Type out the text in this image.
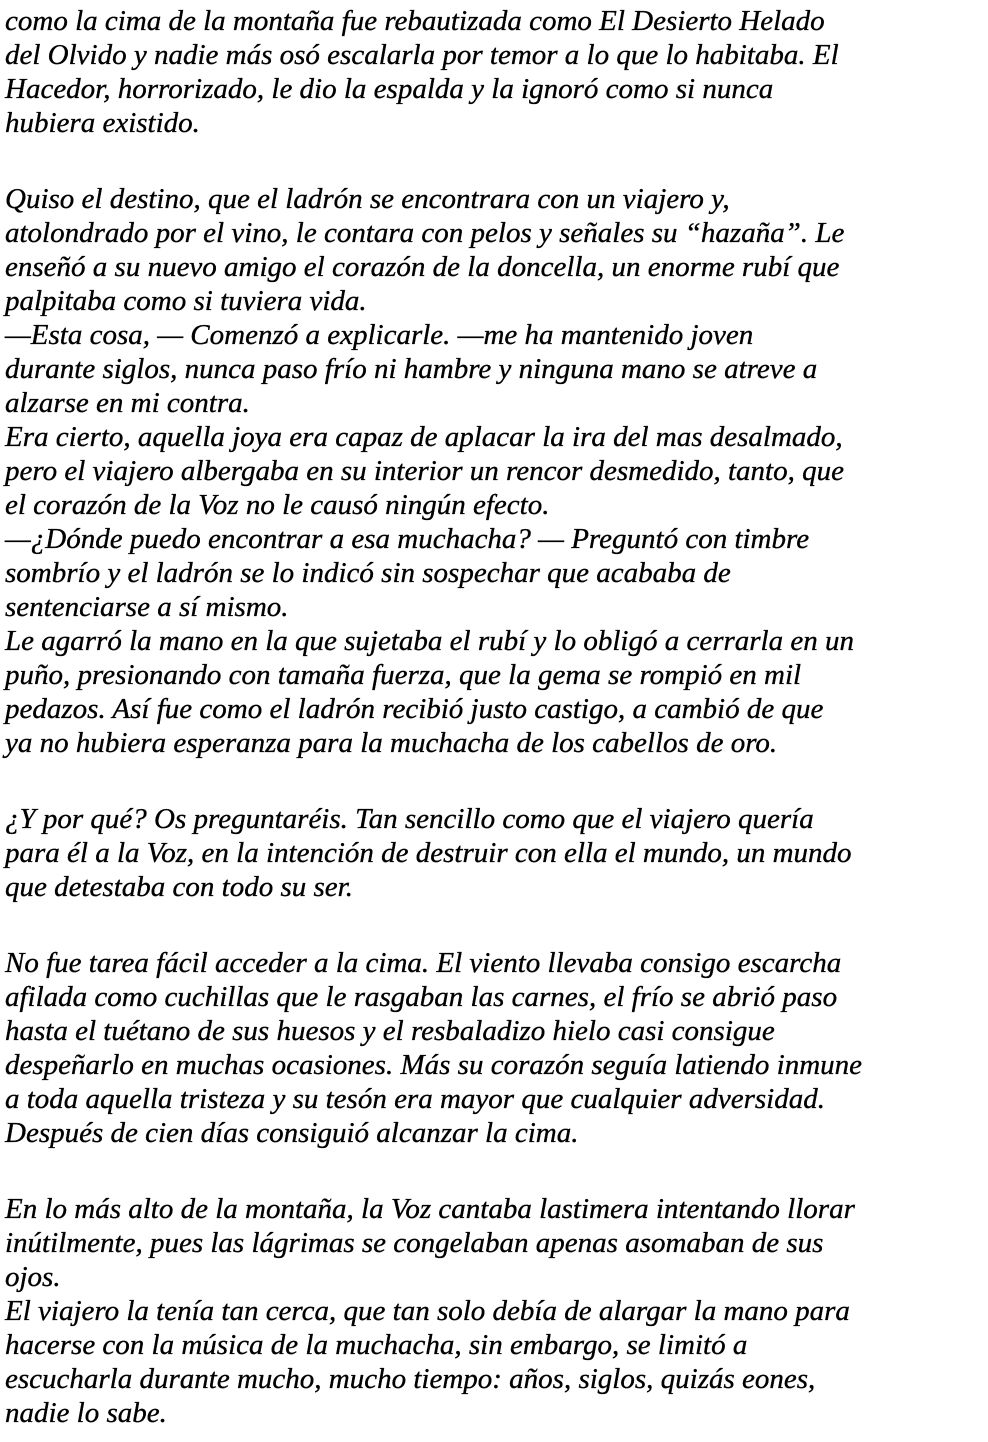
como la cima de la montaña fue rebautizada como El Desierto Helado
del Olvido y nadie más osó escalarla por temor a lo que lo habitaba. El
Hacedor, horrorizado, le dio la espalda y la ignoró como si nunca
hubiera existido.
Quiso el destino, que el ladrón se encontrara con un viajero y,
atolondrado por el vino, le contara con pelos y señales su “hazaña”. Le
enseñó a su nuevo amigo el corazón de la doncella, un enorme rubí que
palpitaba como si tuviera vida.
—Esta cosa, — Comenzó a explicarle. —me ha mantenido joven
durante siglos, nunca paso frío ni hambre y ninguna mano se atreve a
alzarse en mi contra.
Era cierto, aquella joya era capaz de aplacar la ira del mas desalmado,
pero el viajero albergaba en su interior un rencor desmedido, tanto, que
el corazón de la Voz no le causó ningún efecto.
—¿Dónde puedo encontrar a esa muchacha? — Preguntó con timbre
sombrío y el ladrón se lo indicó sin sospechar que acababa de
sentenciarse a sí mismo.
Le agarró la mano en la que sujetaba el rubí y lo obligó a cerrarla en un
puño, presionando con tamaña fuerza, que la gema se rompió en mil
pedazos. Así fue como el ladrón recibió justo castigo, a cambió de que
ya no hubiera esperanza para la muchacha de los cabellos de oro.
¿Y por qué? Os preguntaréis. Tan sencillo como que el viajero quería
para él a la Voz, en la intención de destruir con ella el mundo, un mundo
que detestaba con todo su ser.
No fue tarea fácil acceder a la cima. El viento llevaba consigo escarcha
afilada como cuchillas que le rasgaban las carnes, el frío se abrió paso
hasta el tuétano de sus huesos y el resbaladizo hielo casi consigue
despeñarlo en muchas ocasiones. Más su corazón seguía latiendo inmune
a toda aquella tristeza y su tesón era mayor que cualquier adversidad.
Después de cien días consiguió alcanzar la cima.
En lo más alto de la montaña, la Voz cantaba lastimera intentando llorar
inútilmente, pues las lágrimas se congelaban apenas asomaban de sus
ojos.
El viajero la tenía tan cerca, que tan solo debía de alargar la mano para
hacerse con la música de la muchacha, sin embargo, se limitó a
escucharla durante mucho, mucho tiempo: años, siglos, quizás eones,
nadie lo sabe.
